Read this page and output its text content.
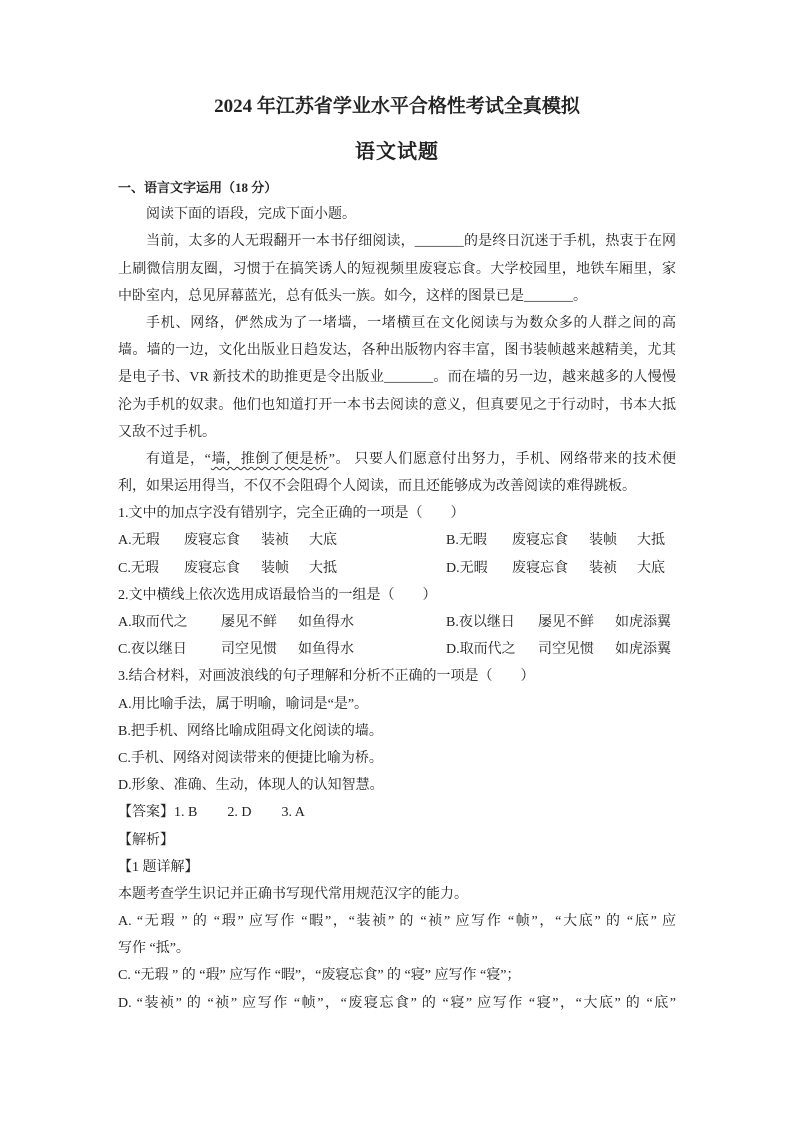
2024 年江苏省学业水平合格性考试全真模拟
语文试题
一、语言文字运用（18 分）
阅读下面的语段，完成下面小题。
当前，太多的人无瑕翻开一本书仔细阅读，_______的是终日沉迷于手机，热衷于在网
上刷微信朋友圈，习惯于在搞笑诱人的短视频里废寝忘食。大学校园里，地铁车厢里，家
中卧室内，总见屏幕蓝光，总有低头一族。如今，这样的图景已是_______。
手机、网络，俨然成为了一堵墙，一堵横亘在文化阅读与为数众多的人群之间的高
墙。墙的一边，文化出版业日趋发达，各种出版物内容丰富，图书装帧越来越精美，尤其
是电子书、VR 新技术的助推更是令出版业_______。而在墙的另一边，越来越多的人慢慢
沦为手机的奴隶。他们也知道打开一本书去阅读的意义，但真要见之于行动时，书本大抵
又敌不过手机。
有道是，“墙，推倒了便是桥”。 只要人们愿意付出努力，手机、网络带来的技术便
利，如果运用得当，不仅不会阻碍个人阅读，而且还能够成为改善阅读的难得跳板。
1.文中的加点字没有错别字，完全正确的一项是（　　）
A.无瑕	废寝忘食	装祯	大底	B.无暇	废寝忘食	装帧	大抵
C.无瑕	废寝忘食	装帧	大抵	D.无暇	废寝忘食	装祯	大底
2.文中横线上依次选用成语最恰当的一组是（　　）
A.取而代之	屡见不鲜	如鱼得水	B.夜以继日	屡见不鲜	如虎添翼
C.夜以继日	司空见惯	如鱼得水	D.取而代之	司空见惯	如虎添翼
3.结合材料，对画波浪线的句子理解和分析不正确的一项是（　　）
A.用比喻手法，属于明喻，喻词是“是”。
B.把手机、网络比喻成阻碍文化阅读的墙。
C.手机、网络对阅读带来的便捷比喻为桥。
D.形象、准确、生动，体现人的认知智慧。
【答案】1. B 2. D 3. A
【解析】
【1 题详解】
本题考查学生识记并正确书写现代常用规范汉字的能力。
A. “无瑕 ” 的 “瑕” 应写作 “暇”，“装祯” 的 “祯” 应写作 “帧”，“大底” 的 “底” 应
写作 “抵”。
C. “无瑕 ” 的 “瑕” 应写作 “暇”，“废寝忘食” 的 “寝” 应写作 “寝”；
D. “装祯” 的 “祯” 应写作 “帧”，“废寝忘食” 的 “寝” 应写作 “寝”，“大底” 的 “底”
